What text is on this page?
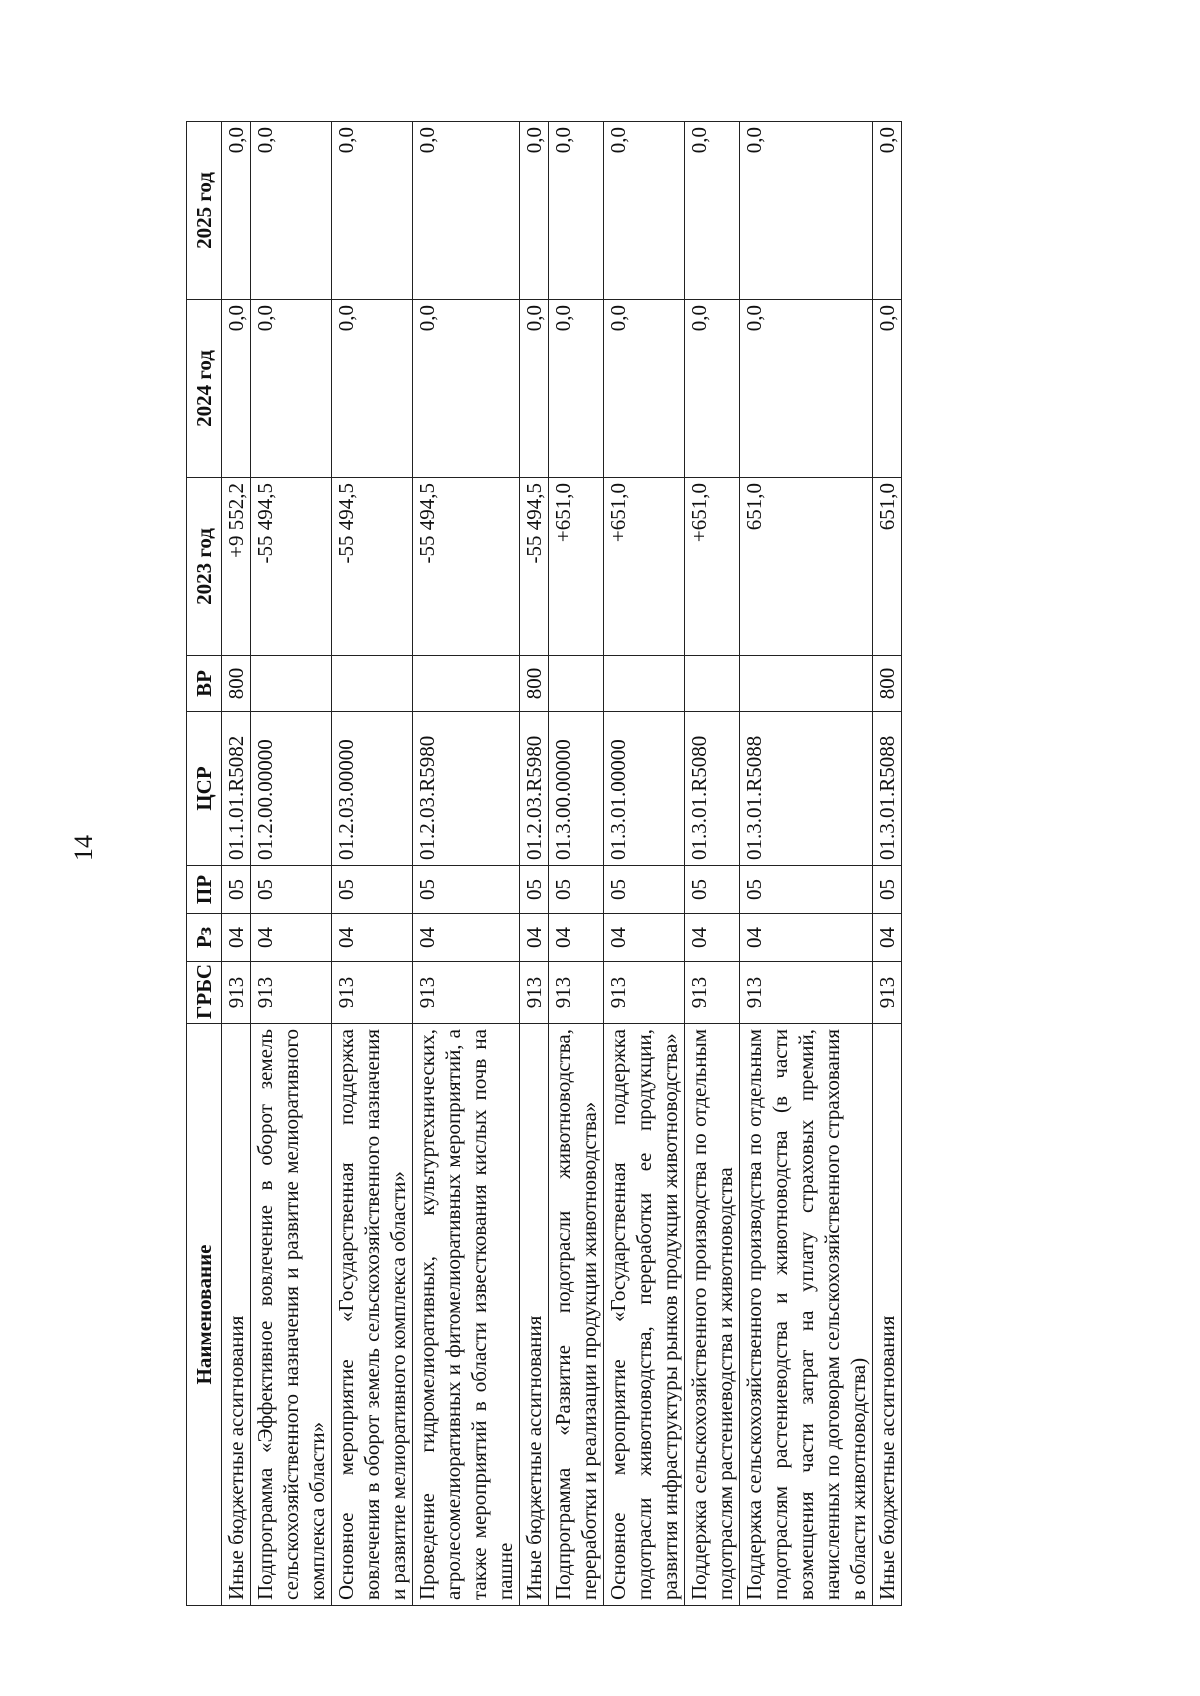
14
Наименование	ГРБС	Рз	ПР	ЦСР	ВР	2023 год	2024 год	2025 год
Иные бюджетные ассигнования	913	04	05	01.1.01.R5082	800	+9 552,2	0,0	0,0
Подпрограмма «Эффективное вовлечение в оборот земель сельскохозяйственного назначения и развитие мелиоративного комплекса области»	913	04	05	01.2.00.00000		-55 494,5	0,0	0,0
Основное мероприятие «Государственная поддержка вовлечения в оборот земель сельскохозяйственного назначения и развитие мелиоративного комплекса области»	913	04	05	01.2.03.00000		-55 494,5	0,0	0,0
Проведение гидромелиоративных, культуртехнических, агролесомелиоративных и фитомелиоративных мероприятий, а также мероприятий в области известкования кислых почв на пашне	913	04	05	01.2.03.R5980		-55 494,5	0,0	0,0
Иные бюджетные ассигнования	913	04	05	01.2.03.R5980	800	-55 494,5	0,0	0,0
Подпрограмма «Развитие подотрасли животноводства, переработки и реализации продукции животноводства»	913	04	05	01.3.00.00000		+651,0	0,0	0,0
Основное мероприятие «Государственная поддержка подотрасли животноводства, переработки ее продукции, развития инфраструктуры рынков продукции животноводства»	913	04	05	01.3.01.00000		+651,0	0,0	0,0
Поддержка сельскохозяйственного производства по отдельным подотраслям растениеводства и животноводства	913	04	05	01.3.01.R5080		+651,0	0,0	0,0
Поддержка сельскохозяйственного производства по отдельным подотраслям растениеводства и животноводства (в части возмещения части затрат на уплату страховых премий, начисленных по договорам сельскохозяйственного страхования в области животноводства)	913	04	05	01.3.01.R5088		651,0	0,0	0,0
Иные бюджетные ассигнования	913	04	05	01.3.01.R5088	800	651,0	0,0	0,0
